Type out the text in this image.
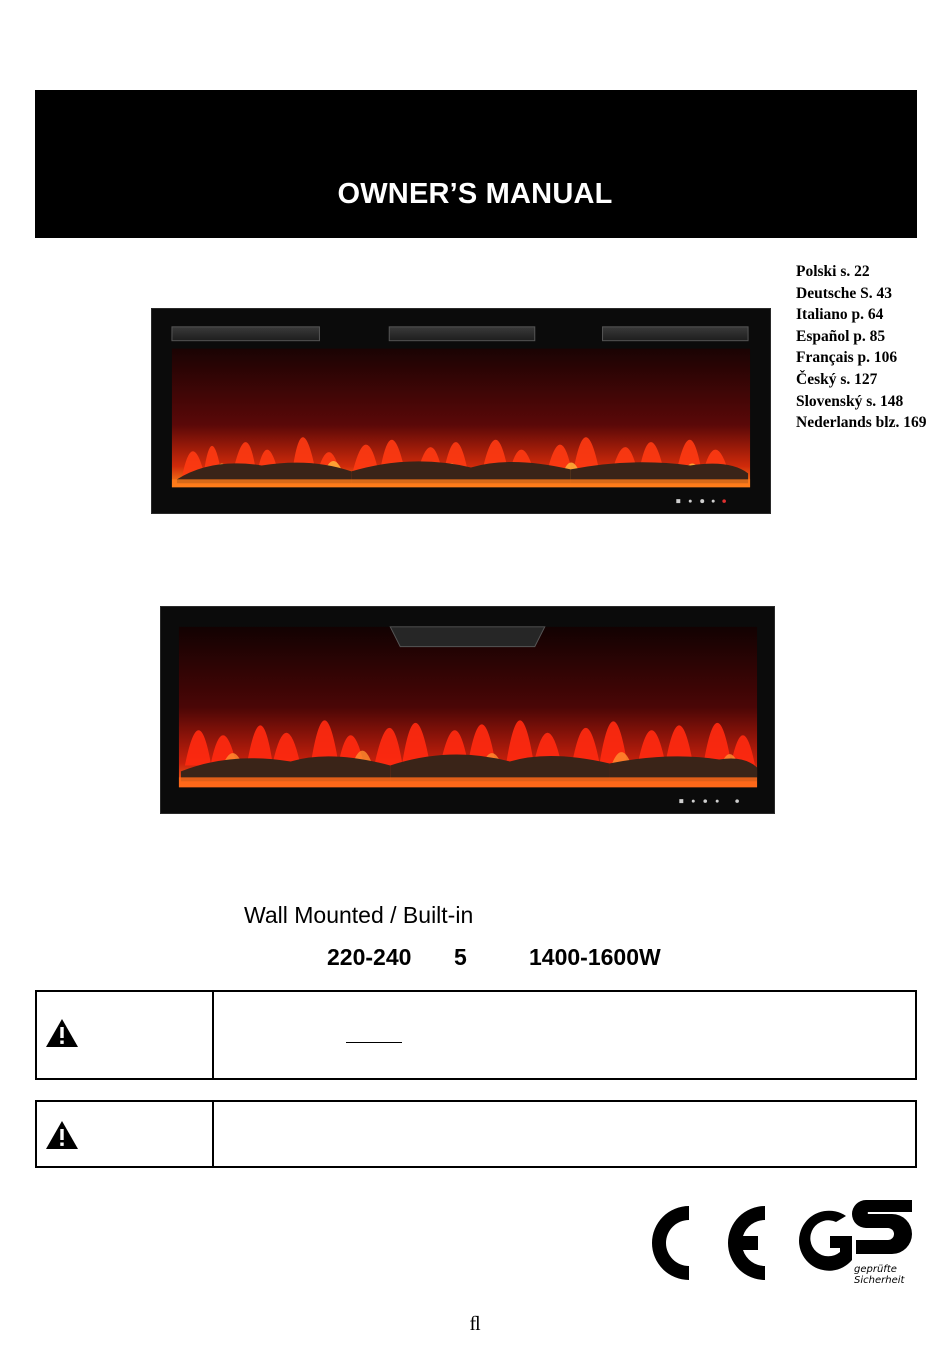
OWNER’S MANUAL
Polski s. 22
Deutsche S. 43
Italiano p. 64
Español p. 85
Français p. 106
Český s. 127
Slovenský s. 148
Nederlands blz. 169
Wall Mounted / Built-in
220-240 5	1400-1600W
geprüfte
Sicherheit
ﬂ
